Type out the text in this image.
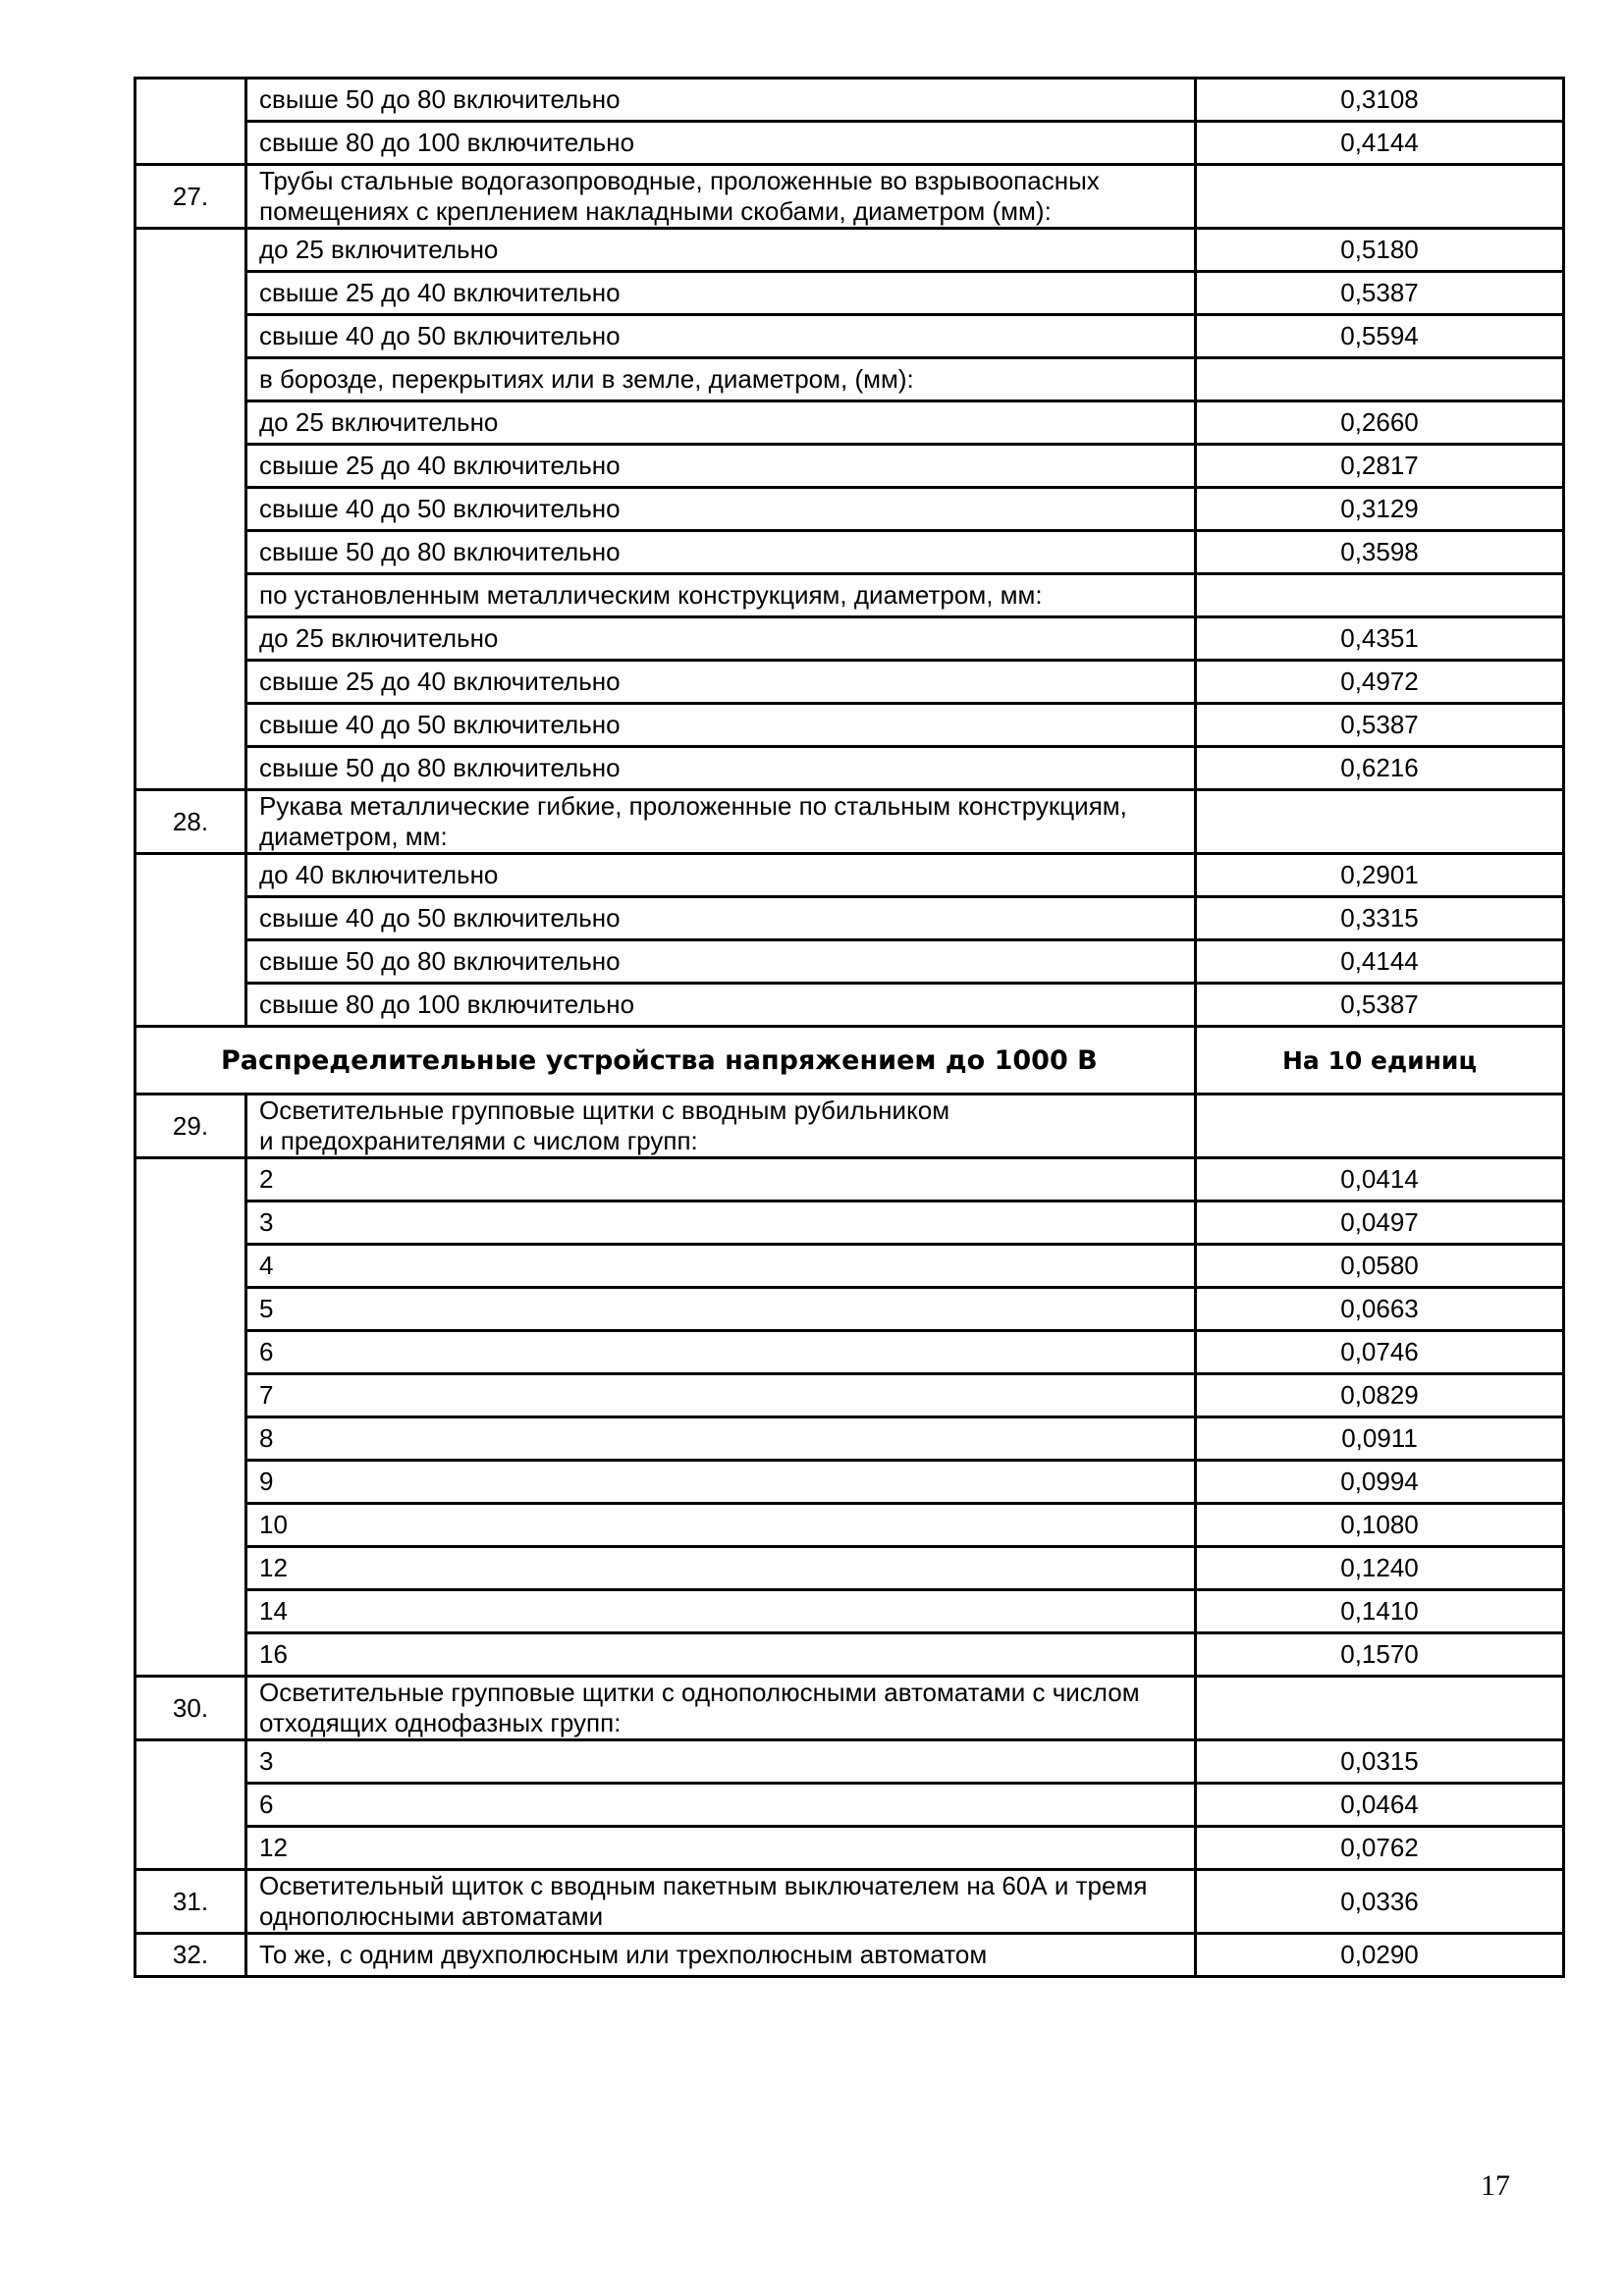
	свыше 50 до 80 включительно	0,3108
	свыше 80 до 100 включительно	0,4144
27.	Трубы стальные водогазопроводные, проложенные во взрывоопасных помещениях с креплением накладными скобами, диаметром (мм):	
	до 25 включительно	0,5180
	свыше 25 до 40 включительно	0,5387
	свыше 40 до 50 включительно	0,5594
	в борозде, перекрытиях или в земле, диаметром, (мм):	
	до 25 включительно	0,2660
	свыше 25 до 40 включительно	0,2817
	свыше 40 до 50 включительно	0,3129
	свыше 50 до 80 включительно	0,3598
	по установленным металлическим конструкциям, диаметром, мм:	
	до 25 включительно	0,4351
	свыше 25 до 40 включительно	0,4972
	свыше 40 до 50 включительно	0,5387
	свыше 50 до 80 включительно	0,6216
28.	Рукава металлические гибкие, проложенные по стальным конструкциям, диаметром, мм:	
	до 40 включительно	0,2901
	свыше 40 до 50 включительно	0,3315
	свыше 50 до 80 включительно	0,4144
	свыше 80 до 100 включительно	0,5387
Распределительные устройства напряжением до 1000 В		На 10 единиц
29.	Осветительные групповые щитки с вводным рубильником
и предохранителями с числом групп:	
	2	0,0414
	3	0,0497
	4	0,0580
	5	0,0663
	6	0,0746
	7	0,0829
	8	0,0911
	9	0,0994
	10	0,1080
	12	0,1240
	14	0,1410
	16	0,1570
30.	Осветительные групповые щитки с однополюсными автоматами с числом отходящих однофазных групп:	
	3	0,0315
	6	0,0464
	12	0,0762
31.	Осветительный щиток с вводным пакетным выключателем на 60А и тремя однополюсными автоматами	0,0336
32.	То же, с одним двухполюсным или трехполюсным автоматом	0,0290
17
